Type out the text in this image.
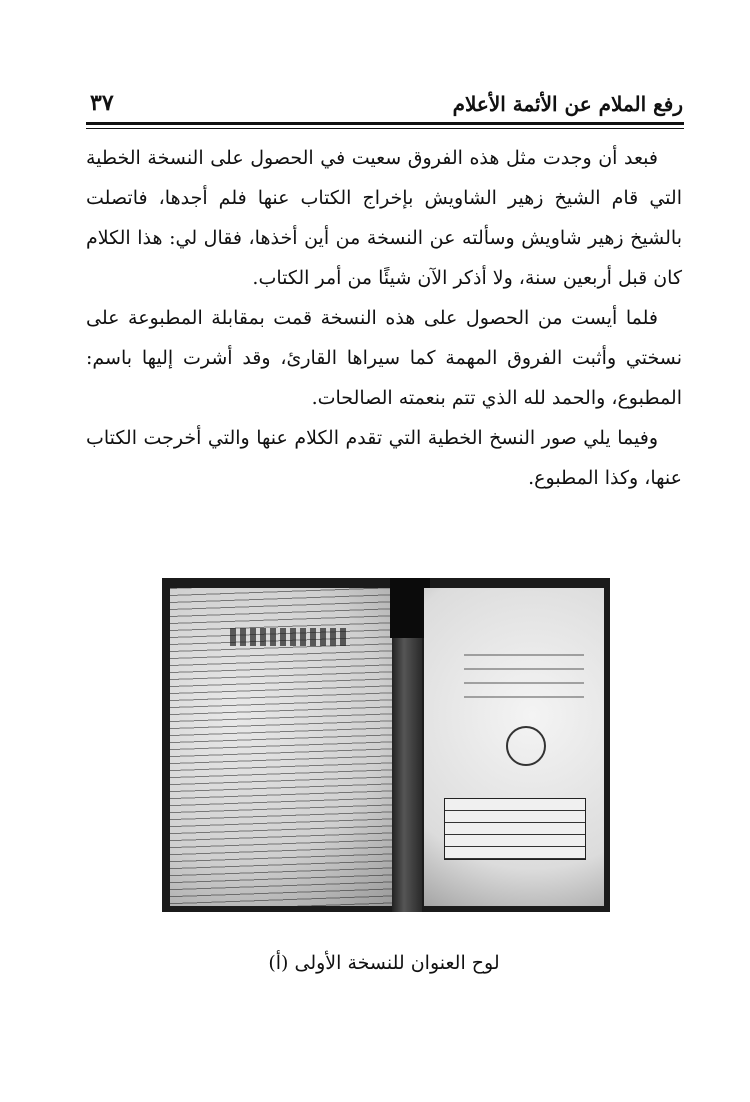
رفع الملام عن الأئمة الأعلام
٣٧

فبعد أن وجدت مثل هذه الفروق سعيت في الحصول على النسخة الخطية التي قام الشيخ زهير الشاويش بإخراج الكتاب عنها فلم أجدها، فاتصلت بالشيخ زهير شاويش وسألته عن النسخة من أين أخذها، فقال لي: هذا الكلام كان قبل أربعين سنة، ولا أذكر الآن شيئًا من أمر الكتاب.

فلما أيست من الحصول على هذه النسخة قمت بمقابلة المطبوعة على نسختي وأثبت الفروق المهمة كما سيراها القارئ، وقد أشرت إليها باسم: المطبوع، والحمد لله الذي تتم بنعمته الصالحات.

وفيما يلي صور النسخ الخطية التي تقدم الكلام عنها والتي أخرجت الكتاب عنها، وكذا المطبوع.

لوح العنوان للنسخة الأولى (أ)
